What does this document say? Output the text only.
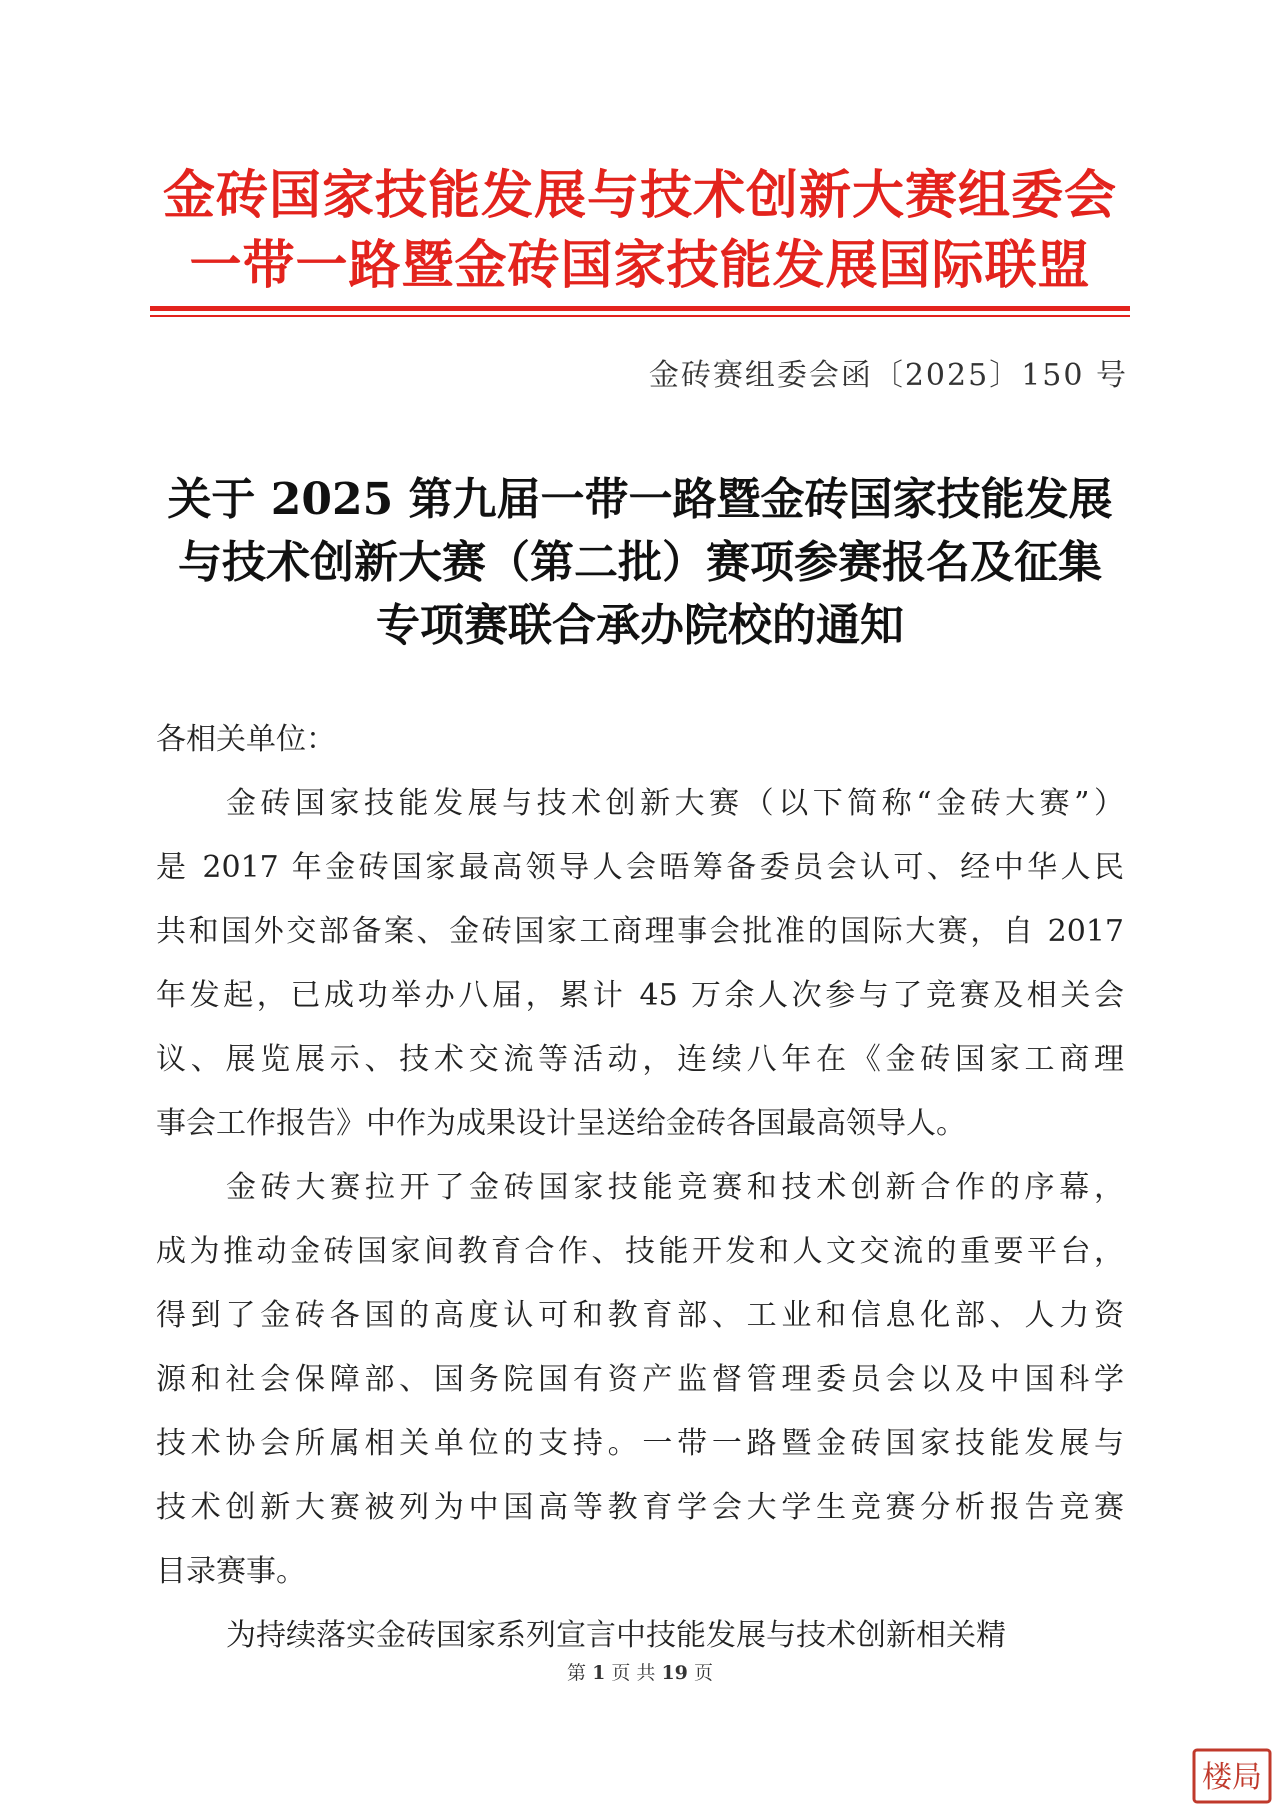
金砖国家技能发展与技术创新大赛组委会
一带一路暨金砖国家技能发展国际联盟
金砖赛组委会函〔2025〕150 号
关于 2025 第九届一带一路暨金砖国家技能发展
与技术创新大赛（第二批）赛项参赛报名及征集
专项赛联合承办院校的通知
各相关单位：
金砖国家技能发展与技术创新大赛（以下简称“金砖大赛”）
是 2017 年金砖国家最高领导人会晤筹备委员会认可、经中华人民
共和国外交部备案、金砖国家工商理事会批准的国际大赛，自 2017
年发起，已成功举办八届，累计 45 万余人次参与了竞赛及相关会
议、展览展示、技术交流等活动，连续八年在《金砖国家工商理
事会工作报告》中作为成果设计呈送给金砖各国最高领导人。
金砖大赛拉开了金砖国家技能竞赛和技术创新合作的序幕，
成为推动金砖国家间教育合作、技能开发和人文交流的重要平台，
得到了金砖各国的高度认可和教育部、工业和信息化部、人力资
源和社会保障部、国务院国有资产监督管理委员会以及中国科学
技术协会所属相关单位的支持。一带一路暨金砖国家技能发展与
技术创新大赛被列为中国高等教育学会大学生竞赛分析报告竞赛
目录赛事。
为持续落实金砖国家系列宣言中技能发展与技术创新相关精
第 1 页 共 19 页
楼局
